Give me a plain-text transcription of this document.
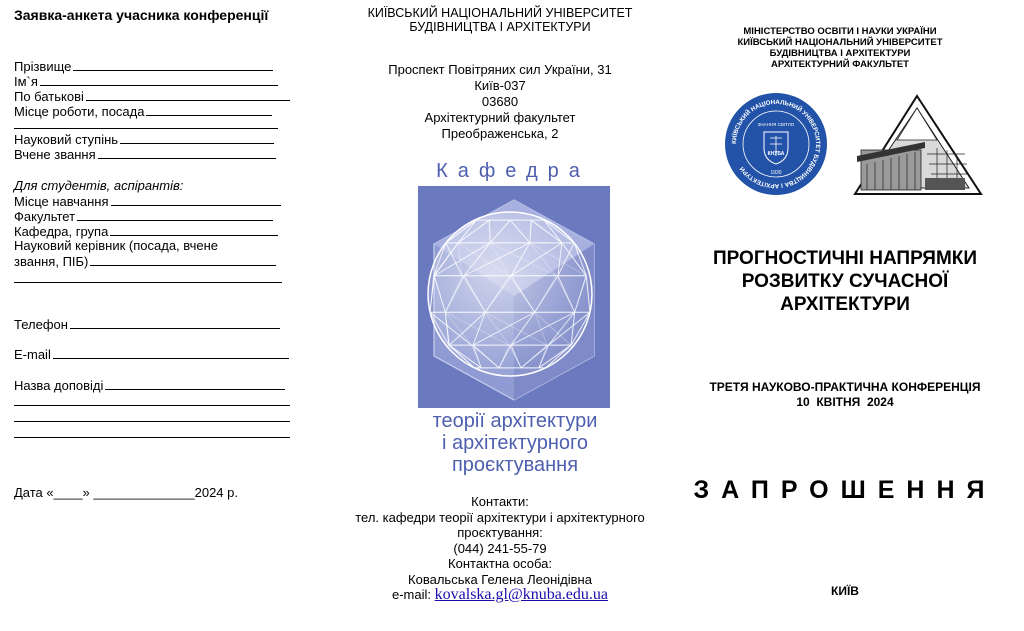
Заявка-анкета учасника конференції
Прізвище
Ім`я
По батькові
Місце роботи, посада
Науковий ступінь
Вчене звання
Для студентів, аспірантів:
Місце навчання
Факультет
Кафедра, група
Науковий керівник (посада, вчене
звання, ПІБ)
Телефон
E-mail
Назва доповіді
Дата «____» ______________2024 р.
КИЇВСЬКИЙ НАЦІОНАЛЬНИЙ УНІВЕРСИТЕТ
БУДІВНИЦТВА І АРХІТЕКТУРИ
Проспект Повітряних сил України, 31
Київ-037
03680
Архітектурний факультет
Преображенська, 2
Кафедра
теорії архітектури
і архітектурного
проєктування
Контакти:
тел. кафедри теорії архітектури і архітектурного
проєктування:
(044) 241-55-79
Контактна особа:
Ковальська Гелена Леонідівна
e-mail: kovalska.gl@knuba.edu.ua
МІНІСТЕРСТВО ОСВІТИ І НАУКИ УКРАЇНИ
КИЇВСЬКИЙ НАЦІОНАЛЬНИЙ УНІВЕРСИТЕТ
БУДІВНИЦТВА І АРХІТЕКТУРИ
АРХІТЕКТУРНИЙ ФАКУЛЬТЕТ
КИЇВСЬКИЙ НАЦІОНАЛЬНИЙ УНІВЕРСИТЕТ БУДІВНИЦТВА І АРХІТЕКТУРИ
ЗНАННЯ СВІТЛО
КНУБА
1930
ПРОГНОСТИЧНІ НАПРЯМКИ
РОЗВИТКУ СУЧАСНОЇ
АРХІТЕКТУРИ
ТРЕТЯ НАУКОВО-ПРАКТИЧНА КОНФЕРЕНЦІЯ
10  КВІТНЯ  2024
ЗАПРОШЕННЯ
КИЇВ
